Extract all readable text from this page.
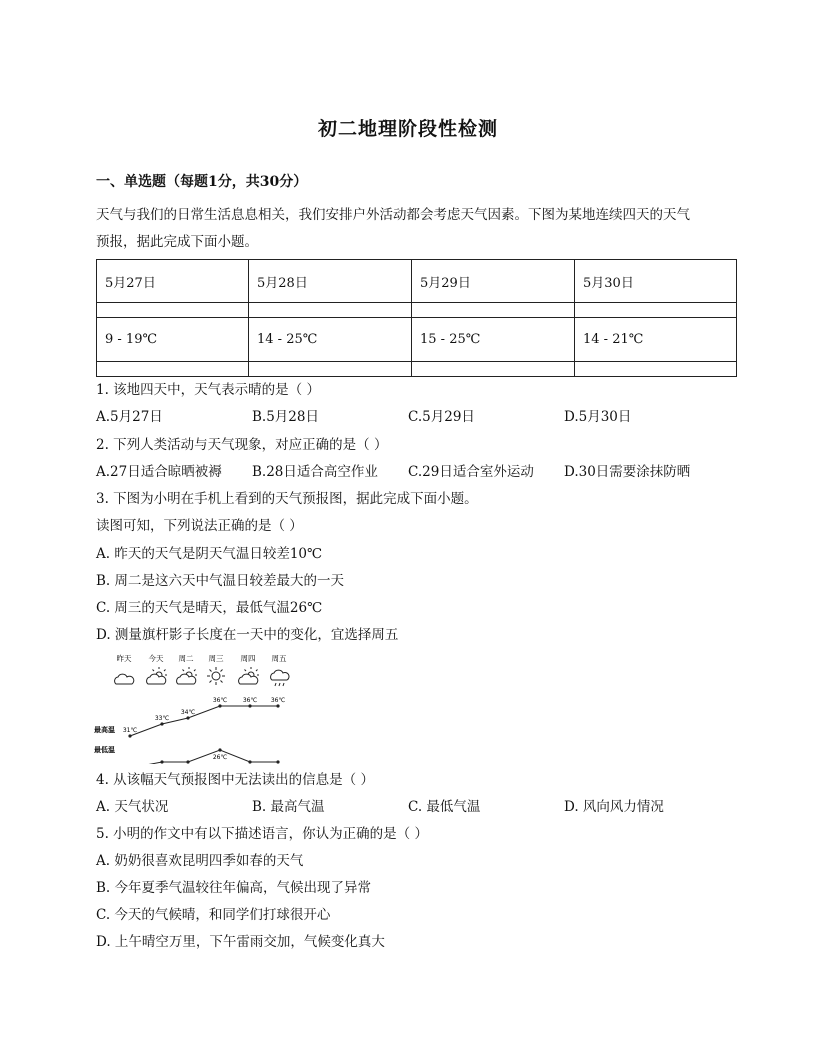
初二地理阶段性检测
一、单选题（每题1分，共30分）
天气与我们的日常生活息息相关，我们安排户外活动都会考虑天气因素。下图为某地连续四天的天气
预报，据此完成下面小题。
5月27日	5月28日	5月29日	5月30日

9 - 19℃	14 - 25℃	15 - 25℃	14 - 21℃

1. 该地四天中，天气表示晴的是（ ）
A.5月27日	B.5月28日	C.5月29日	D.5月30日
2. 下列人类活动与天气现象，对应正确的是（ ）
A.27日适合晾晒被褥 B.28日适合高空作业 C.29日适合室外运动 D.30日需要涂抹防晒
3. 下图为小明在手机上看到的天气预报图，据此完成下面小题。
读图可知，下列说法正确的是（ ）
A. 昨天的天气是阴天气温日较差10℃
B. 周二是这六天中气温日较差最大的一天
C. 周三的天气是晴天，最低气温26℃
D. 测量旗杆影子长度在一天中的变化，宜选择周五
昨天 今天 周二 周三 周四 周五
最高温
最低温
31℃
33℃
34℃
36℃	36℃ 36℃
26℃
4. 从该幅天气预报图中无法读出的信息是（ ）
A. 天气状况	B. 最高气温	C. 最低气温	D. 风向风力情况
5. 小明的作文中有以下描述语言，你认为正确的是（ ）
A. 奶奶很喜欢昆明四季如春的天气
B. 今年夏季气温较往年偏高，气候出现了异常
C. 今天的气候晴，和同学们打球很开心
D. 上午晴空万里，下午雷雨交加，气候变化真大
